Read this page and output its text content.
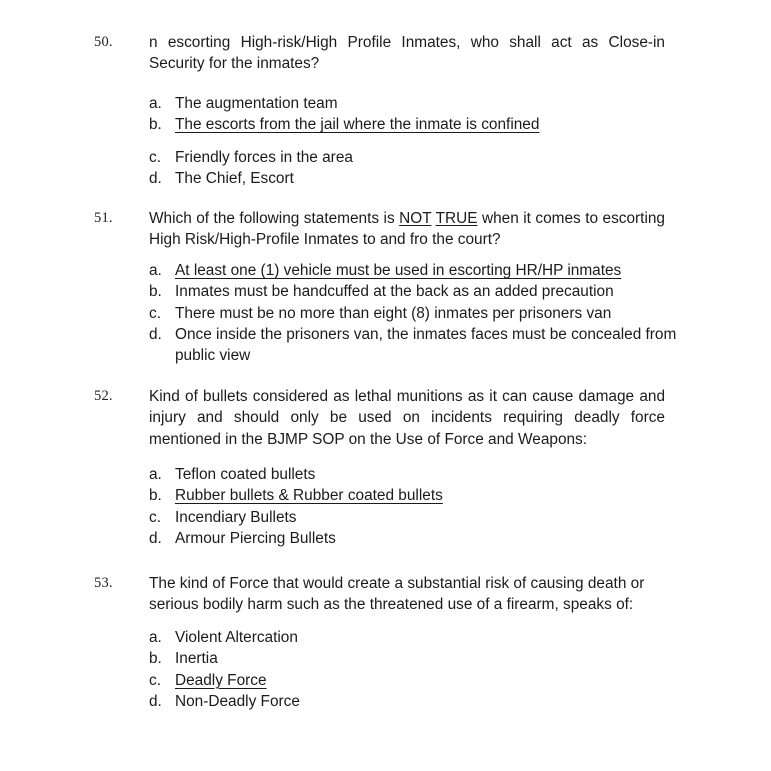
50.	n escorting High-risk/High Profile Inmates, who shall act as Close-in Security for the inmates?
a. The augmentation team
b. The escorts from the jail where the inmate is confined
c. Friendly forces in the area
d. The Chief, Escort
51.	Which of the following statements is NOT TRUE when it comes to escorting High Risk/High-Profile Inmates to and fro the court?
a. At least one (1) vehicle must be used in escorting HR/HP inmates
b. Inmates must be handcuffed at the back as an added precaution
c. There must be no more than eight (8) inmates per prisoners van
d. Once inside the prisoners van, the inmates faces must be concealed from public view
52.	Kind of bullets considered as lethal munitions as it can cause damage and injury and should only be used on incidents requiring deadly force mentioned in the BJMP SOP on the Use of Force and Weapons:
a. Teflon coated bullets
b. Rubber bullets & Rubber coated bullets
c. Incendiary Bullets
d. Armour Piercing Bullets
53.	The kind of Force that would create a substantial risk of causing death or serious bodily harm such as the threatened use of a firearm, speaks of:
a. Violent Altercation
b. Inertia
c. Deadly Force
d. Non-Deadly Force
